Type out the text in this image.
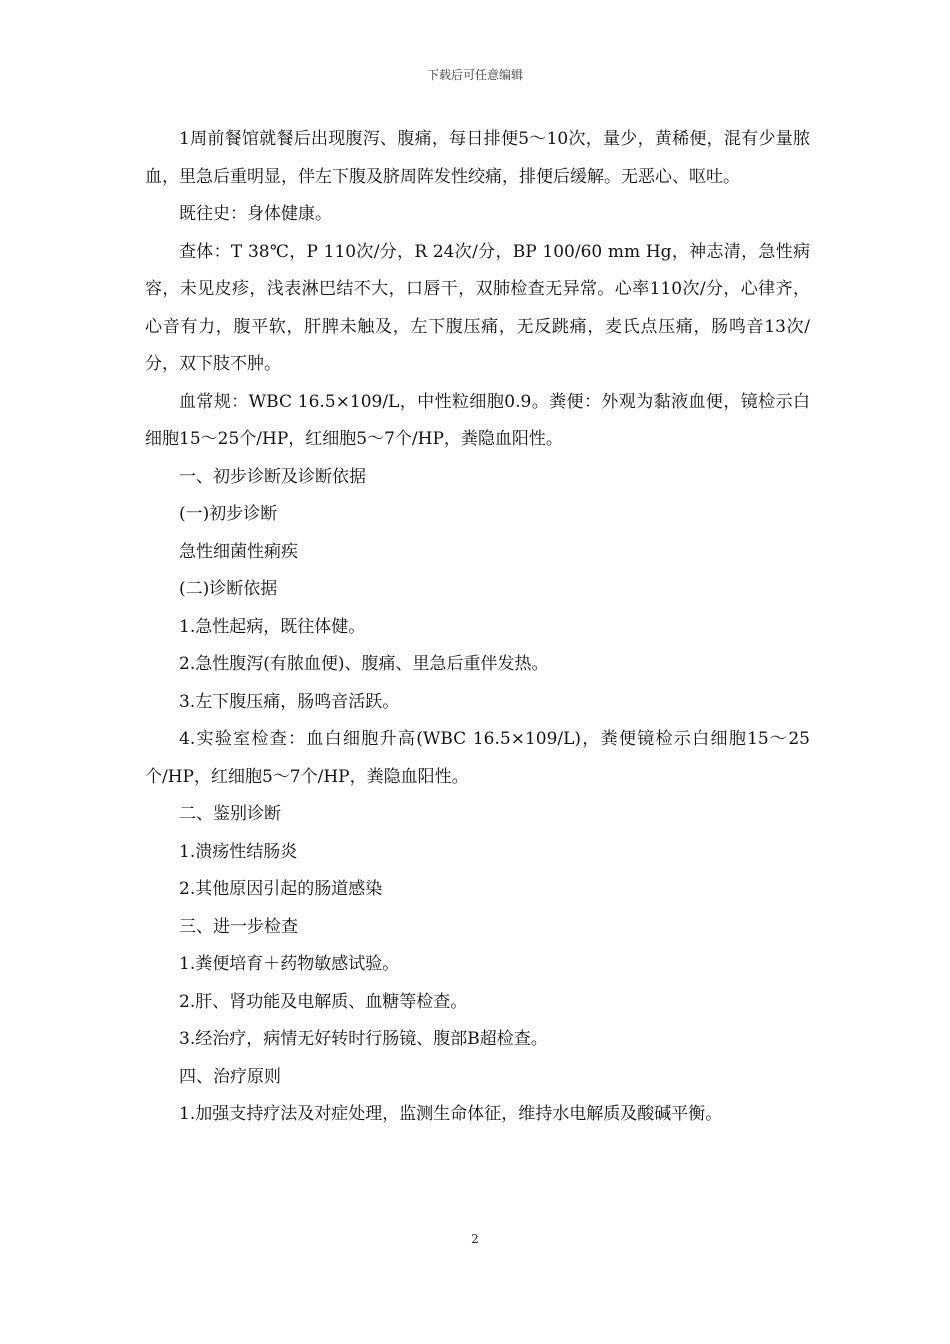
下载后可任意编辑

1周前餐馆就餐后出现腹泻、腹痛，每日排便5～10次，量少，黄稀便，混有少量脓血，里急后重明显，伴左下腹及脐周阵发性绞痛，排便后缓解。无恶心、呕吐。

既往史：身体健康。

查体：T 38℃，P 110次/分，R 24次/分，BP 100/60 mm Hg，神志清，急性病容，未见皮疹，浅表淋巴结不大，口唇干，双肺检查无异常。心率110次/分，心律齐，心音有力，腹平软，肝脾未触及，左下腹压痛，无反跳痛，麦氏点压痛，肠鸣音13次/分，双下肢不肿。

血常规：WBC 16.5×109/L，中性粒细胞0.9。粪便：外观为黏液血便，镜检示白细胞15～25个/HP，红细胞5～7个/HP，粪隐血阳性。

一、初步诊断及诊断依据

(一)初步诊断

急性细菌性痢疾

(二)诊断依据

1.急性起病，既往体健。

2.急性腹泻(有脓血便)、腹痛、里急后重伴发热。

3.左下腹压痛，肠鸣音活跃。

4.实验室检查：血白细胞升高(WBC 16.5×109/L)，粪便镜检示白细胞15～25个/HP，红细胞5～7个/HP，粪隐血阳性。

二、鉴别诊断

1.溃疡性结肠炎

2.其他原因引起的肠道感染

三、进一步检查

1.粪便培育＋药物敏感试验。

2.肝、肾功能及电解质、血糖等检查。

3.经治疗，病情无好转时行肠镜、腹部B超检查。

四、治疗原则

1.加强支持疗法及对症处理，监测生命体征，维持水电解质及酸碱平衡。

2
